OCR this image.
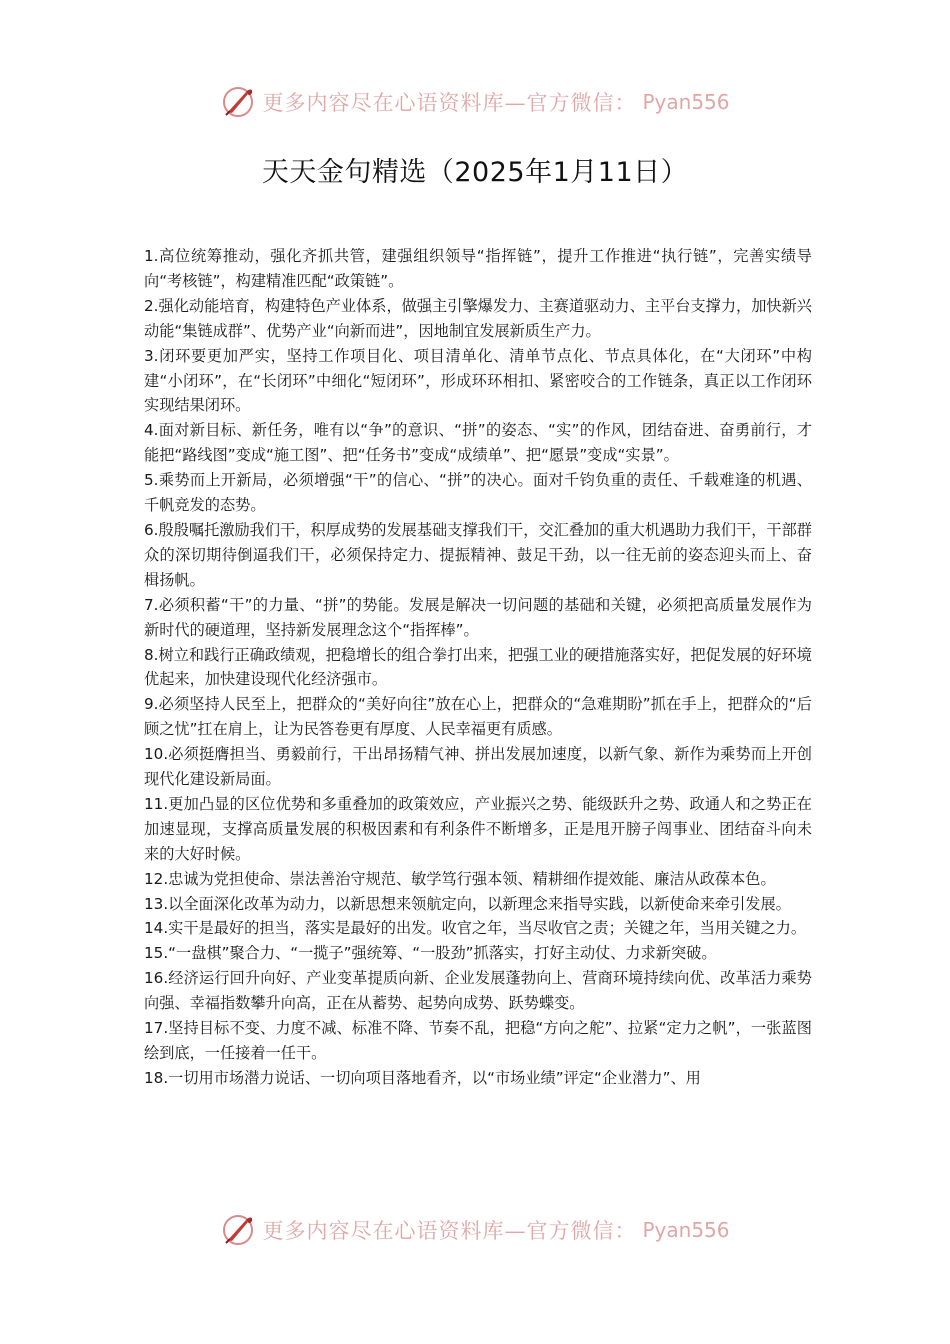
更多内容尽在心语资料库—官方微信： Pyan556
天天金句精选（2025年1月11日）

1.高位统筹推动，强化齐抓共管，建强组织领导“指挥链”，提升工作推进“执行链”，完善实绩导向“考核链”，构建精准匹配“政策链”。

2.强化动能培育，构建特色产业体系，做强主引擎爆发力、主赛道驱动力、主平台支撑力，加快新兴动能“集链成群”、优势产业“向新而进”，因地制宜发展新质生产力。

3.闭环要更加严实，坚持工作项目化、项目清单化、清单节点化、节点具体化，在“大闭环”中构建“小闭环”，在“长闭环”中细化“短闭环”，形成环环相扣、紧密咬合的工作链条，真正以工作闭环实现结果闭环。

4.面对新目标、新任务，唯有以“争”的意识、“拼”的姿态、“实”的作风，团结奋进、奋勇前行，才能把“路线图”变成“施工图”、把“任务书”变成“成绩单”、把“愿景”变成“实景”。

5.乘势而上开新局，必须增强“干”的信心、“拼”的决心。面对千钧负重的责任、千载难逢的机遇、千帆竞发的态势。

6.殷殷嘱托激励我们干，积厚成势的发展基础支撑我们干，交汇叠加的重大机遇助力我们干，干部群众的深切期待倒逼我们干，必须保持定力、提振精神、鼓足干劲，以一往无前的姿态迎头而上、奋楫扬帆。

7.必须积蓄“干”的力量、“拼”的势能。发展是解决一切问题的基础和关键，必须把高质量发展作为新时代的硬道理，坚持新发展理念这个“指挥棒”。

8.树立和践行正确政绩观，把稳增长的组合拳打出来，把强工业的硬措施落实好，把促发展的好环境优起来，加快建设现代化经济强市。

9.必须坚持人民至上，把群众的“美好向往”放在心上，把群众的“急难期盼”抓在手上，把群众的“后顾之忧”扛在肩上，让为民答卷更有厚度、人民幸福更有质感。

10.必须挺膺担当、勇毅前行，干出昂扬精气神、拼出发展加速度，以新气象、新作为乘势而上开创现代化建设新局面。

11.更加凸显的区位优势和多重叠加的政策效应，产业振兴之势、能级跃升之势、政通人和之势正在加速显现，支撑高质量发展的积极因素和有利条件不断增多，正是甩开膀子闯事业、团结奋斗向未来的大好时候。

12.忠诚为党担使命、崇法善治守规范、敏学笃行强本领、精耕细作提效能、廉洁从政葆本色。

13.以全面深化改革为动力，以新思想来领航定向，以新理念来指导实践，以新使命来牵引发展。

14.实干是最好的担当，落实是最好的出发。收官之年，当尽收官之责；关键之年，当用关键之力。

15.“一盘棋”聚合力、“一揽子”强统筹、“一股劲”抓落实，打好主动仗、力求新突破。

16.经济运行回升向好、产业变革提质向新、企业发展蓬勃向上、营商环境持续向优、改革活力乘势向强、幸福指数攀升向高，正在从蓄势、起势向成势、跃势蝶变。

17.坚持目标不变、力度不减、标准不降、节奏不乱，把稳“方向之舵”、拉紧“定力之帆”，一张蓝图绘到底，一任接着一任干。

18.一切用市场潜力说话、一切向项目落地看齐，以“市场业绩”评定“企业潜力”、用

更多内容尽在心语资料库—官方微信： Pyan556
